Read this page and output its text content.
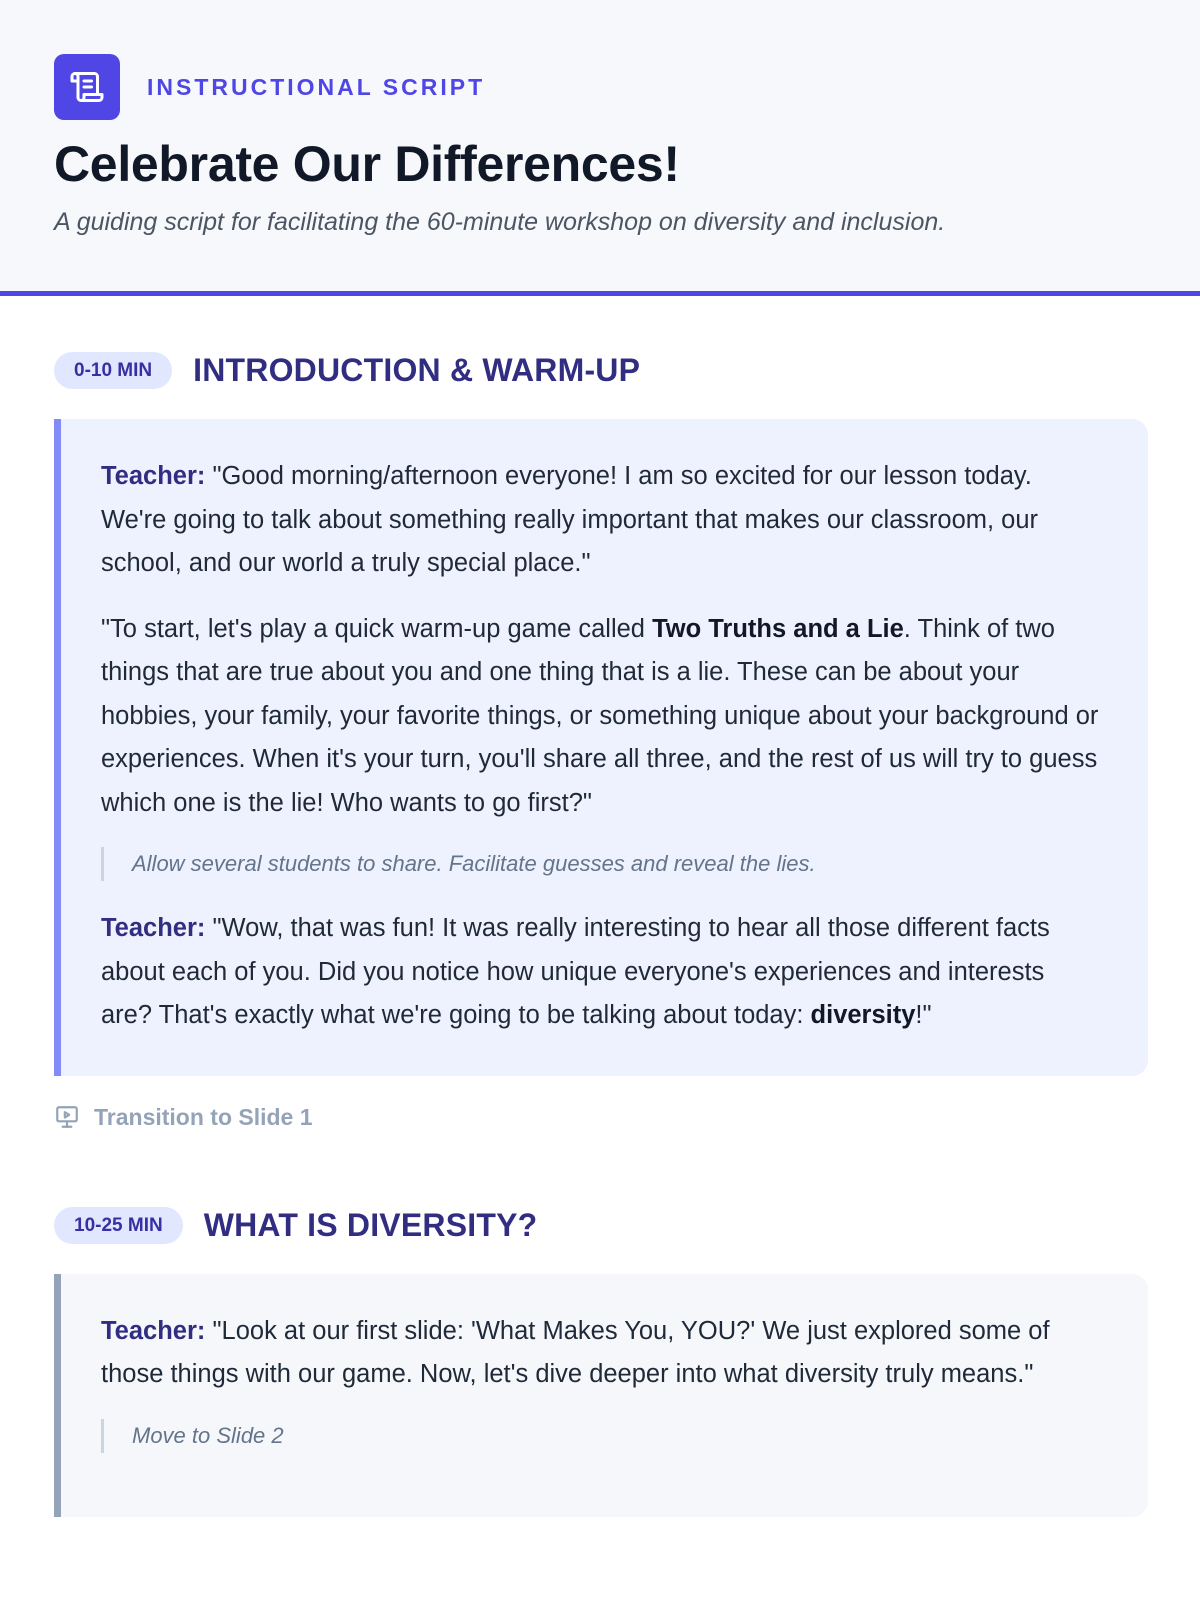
INSTRUCTIONAL SCRIPT
Celebrate Our Differences!
A guiding script for facilitating the 60-minute workshop on diversity and inclusion.
0-10 MIN	INTRODUCTION & WARM-UP

Teacher: "Good morning/afternoon everyone! I am so excited for our lesson today. We're going to talk about something really important that makes our classroom, our school, and our world a truly special place."

"To start, let's play a quick warm-up game called Two Truths and a Lie. Think of two things that are true about you and one thing that is a lie. These can be about your hobbies, your family, your favorite things, or something unique about your background or experiences. When it's your turn, you'll share all three, and the rest of us will try to guess which one is the lie! Who wants to go first?"

Allow several students to share. Facilitate guesses and reveal the lies.

Teacher: "Wow, that was fun! It was really interesting to hear all those different facts about each of you. Did you notice how unique everyone's experiences and interests are? That's exactly what we're going to be talking about today: diversity!"

Transition to Slide 1
10-25 MIN	WHAT IS DIVERSITY?

Teacher: "Look at our first slide: 'What Makes You, YOU?' We just explored some of those things with our game. Now, let's dive deeper into what diversity truly means."

Move to Slide 2
